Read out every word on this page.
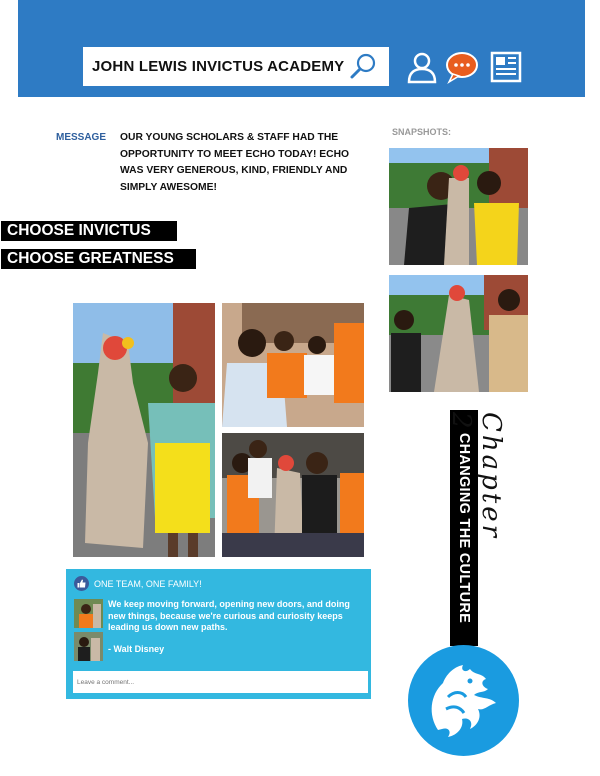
JOHN LEWIS INVICTUS ACADEMY
MESSAGE OUR YOUNG SCHOLARS & STAFF HAD THE OPPORTUNITY TO MEET ECHO TODAY! ECHO WAS VERY GENEROUS, KIND, FRIENDLY AND SIMPLY AWESOME!
SNAPSHOTS:
CHOOSE INVICTUS
CHOOSE GREATNESS
ONE TEAM, ONE FAMILY!
We keep moving forward, opening new doors, and doing new things, because we're curious and curiosity keeps leading us down new paths.
- Walt Disney
Leave a comment...
CHANGING THE CULTURE Chapter 2
